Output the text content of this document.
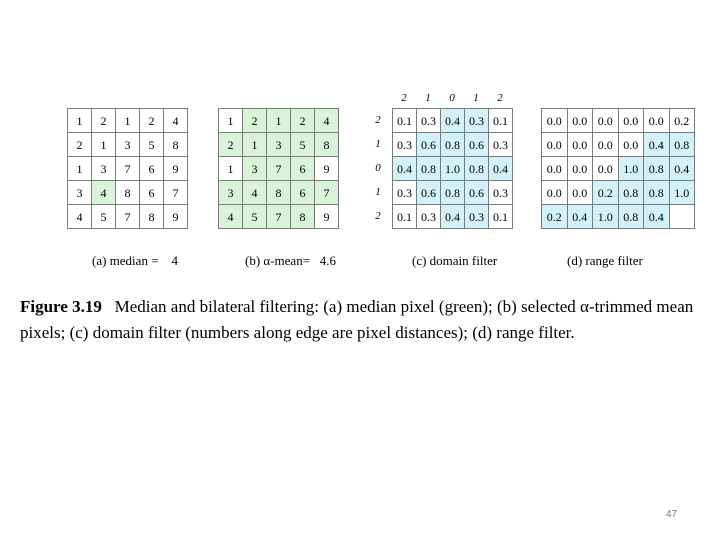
1	2	1	2	4
2	1	3	5	8
1	3	7	6	9
3	4	8	6	7
4	5	7	8	9
1	2	1	2	4
2	1	3	5	8
1	3	7	6	9
3	4	8	6	7
4	5	7	8	9
0.1 0.3 0.4 0.3 0.1
0.3 0.6 0.8 0.6 0.3
0.4 0.8 1.0 0.8 0.4
0.3 0.6 0.8 0.6 0.3
0.1 0.3 0.4 0.3 0.1
0.0 0.0 0.0 0.0 0.0 0.2
0.0 0.0 0.0 0.0 0.4 0.8
0.0 0.0 0.0 1.0 0.8 0.4
0.0 0.0 0.2 0.8 0.8 1.0
0.2 0.4 1.0 0.8 0.4
2	1	0	1	2
2
1
0
1
2
(a) median =    4	(b) α-mean=   4.6	(c) domain filter	(d) range filter
Figure 3.19 Median and bilateral filtering: (a) median pixel (green); (b) selected α-trimmed mean pixels; (c) domain filter (numbers along edge are pixel distances); (d) range filter.
47
